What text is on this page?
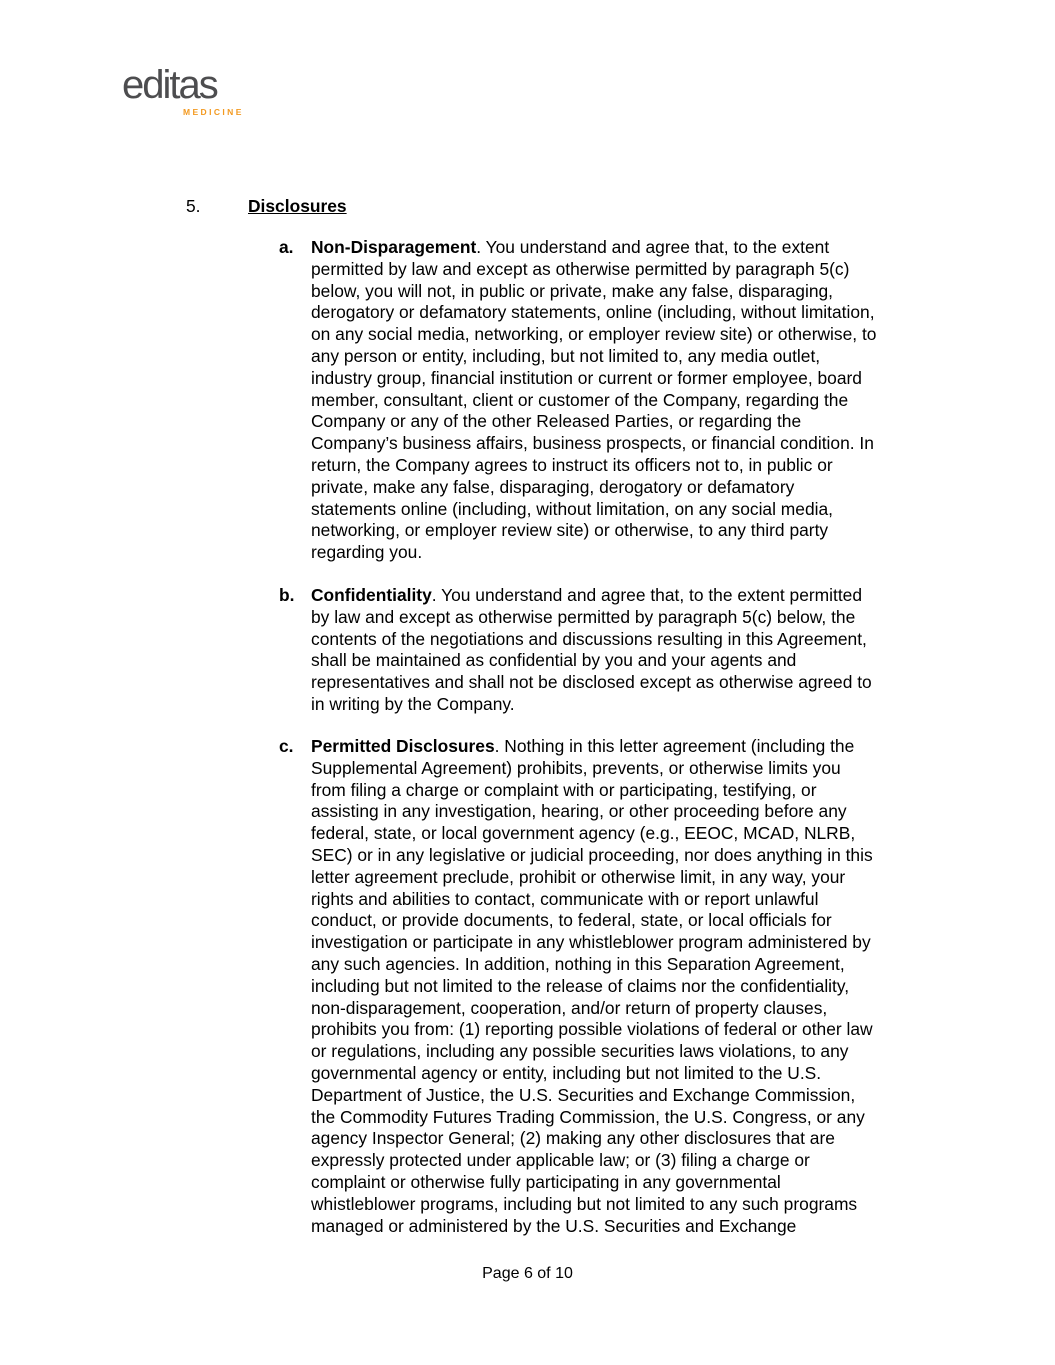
editas
MEDICINE
5.	Disclosures
a. Non-Disparagement. You understand and agree that, to the extent
permitted by law and except as otherwise permitted by paragraph 5(c)
below, you will not, in public or private, make any false, disparaging,
derogatory or defamatory statements, online (including, without limitation,
on any social media, networking, or employer review site) or otherwise, to
any person or entity, including, but not limited to, any media outlet,
industry group, financial institution or current or former employee, board
member, consultant, client or customer of the Company, regarding the
Company or any of the other Released Parties, or regarding the
Company’s business affairs, business prospects, or financial condition. In
return, the Company agrees to instruct its officers not to, in public or
private, make any false, disparaging, derogatory or defamatory
statements online (including, without limitation, on any social media,
networking, or employer review site) or otherwise, to any third party
regarding you.

b. Confidentiality. You understand and agree that, to the extent permitted
by law and except as otherwise permitted by paragraph 5(c) below, the
contents of the negotiations and discussions resulting in this Agreement,
shall be maintained as confidential by you and your agents and
representatives and shall not be disclosed except as otherwise agreed to
in writing by the Company.

c. Permitted Disclosures. Nothing in this letter agreement (including the
Supplemental Agreement) prohibits, prevents, or otherwise limits you
from filing a charge or complaint with or participating, testifying, or
assisting in any investigation, hearing, or other proceeding before any
federal, state, or local government agency (e.g., EEOC, MCAD, NLRB,
SEC) or in any legislative or judicial proceeding, nor does anything in this
letter agreement preclude, prohibit or otherwise limit, in any way, your
rights and abilities to contact, communicate with or report unlawful
conduct, or provide documents, to federal, state, or local officials for
investigation or participate in any whistleblower program administered by
any such agencies. In addition, nothing in this Separation Agreement,
including but not limited to the release of claims nor the confidentiality,
non-disparagement, cooperation, and/or return of property clauses,
prohibits you from: (1) reporting possible violations of federal or other law
or regulations, including any possible securities laws violations, to any
governmental agency or entity, including but not limited to the U.S.
Department of Justice, the U.S. Securities and Exchange Commission,
the Commodity Futures Trading Commission, the U.S. Congress, or any
agency Inspector General; (2) making any other disclosures that are
expressly protected under applicable law; or (3) filing a charge or
complaint or otherwise fully participating in any governmental
whistleblower programs, including but not limited to any such programs
managed or administered by the U.S. Securities and Exchange

Page 6 of 10
